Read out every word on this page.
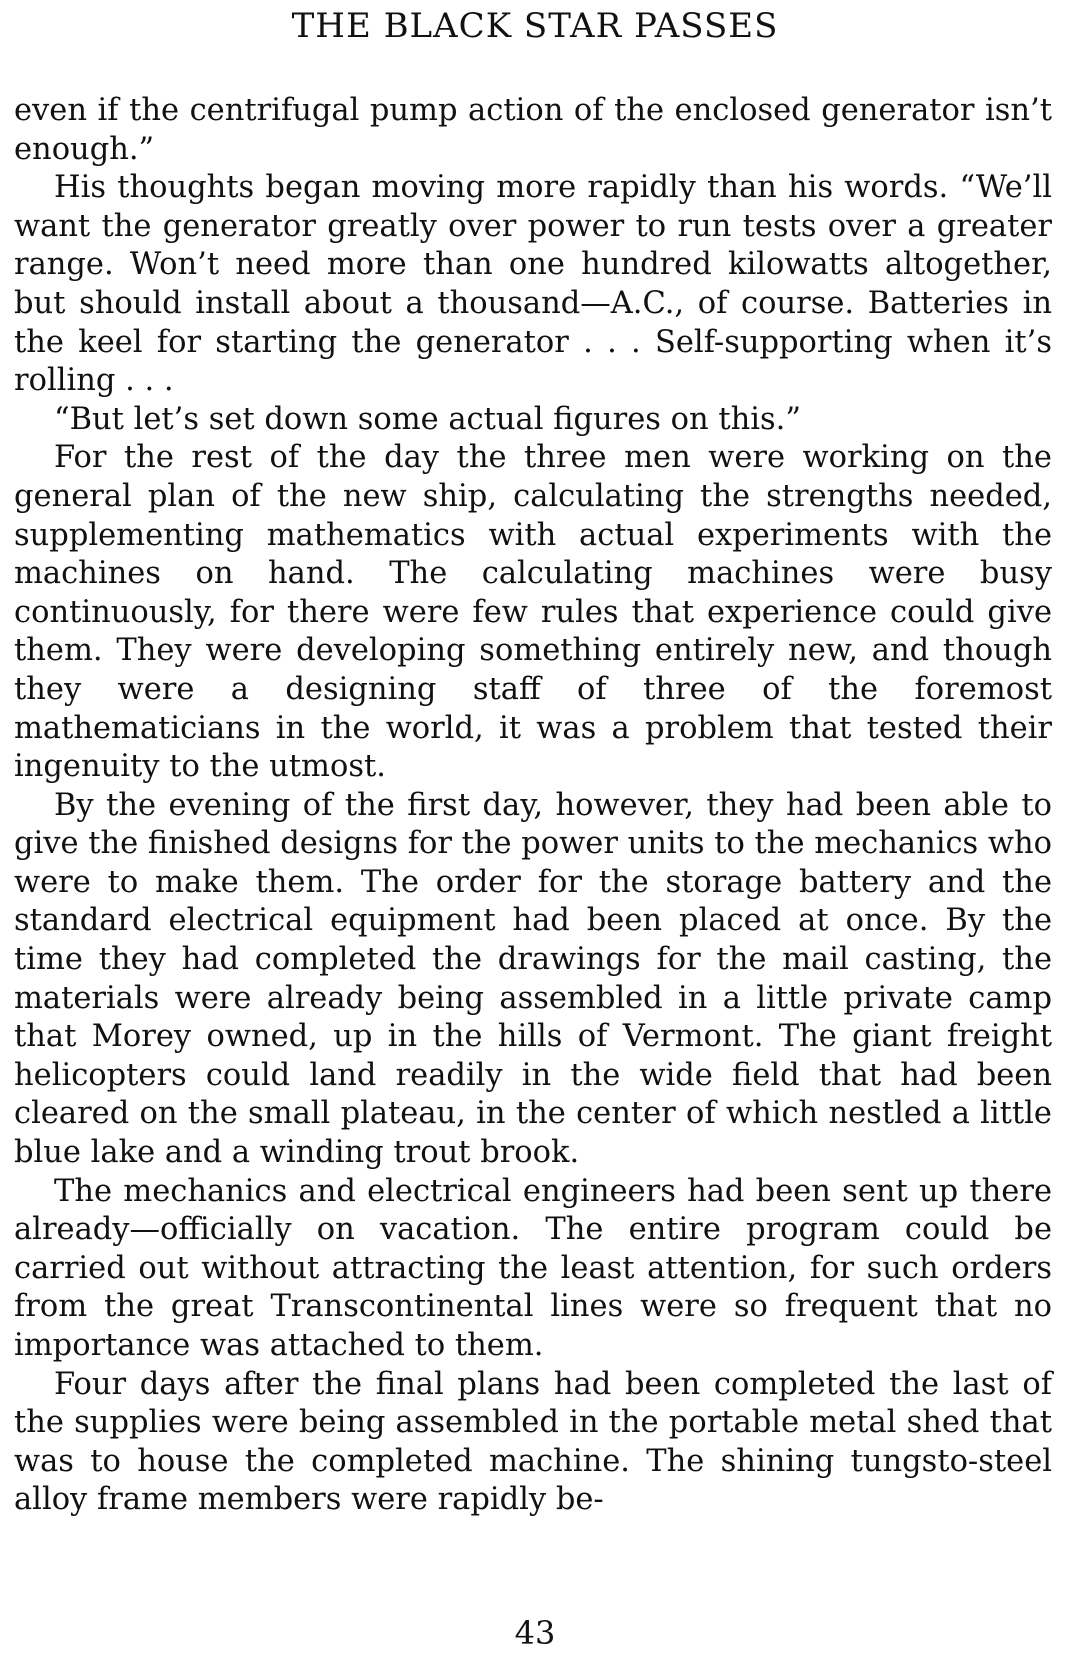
THE BLACK STAR PASSES

even if the centrifugal pump action of the enclosed generator isn’t enough.”

His thoughts began moving more rapidly than his words. “We’ll want the generator greatly over power to run tests over a greater range. Won’t need more than one hundred kilowatts altogether, but should install about a thousand—A.C., of course. Batteries in the keel for starting the generator . . . Self-supporting when it’s rolling . . .

“But let’s set down some actual figures on this.”

For the rest of the day the three men were working on the general plan of the new ship, calculating the strengths needed, supplementing mathematics with actual experiments with the machines on hand. The calculating machines were busy continuously, for there were few rules that experience could give them. They were developing something entirely new, and though they were a designing staff of three of the foremost mathematicians in the world, it was a problem that tested their ingenuity to the utmost.

By the evening of the first day, however, they had been able to give the finished designs for the power units to the mechanics who were to make them. The order for the storage battery and the standard electrical equipment had been placed at once. By the time they had completed the drawings for the mail casting, the materials were already being assembled in a little private camp that Morey owned, up in the hills of Vermont. The giant freight helicopters could land readily in the wide field that had been cleared on the small plateau, in the center of which nestled a little blue lake and a winding trout brook.

The mechanics and electrical engineers had been sent up there already—officially on vacation. The entire program could be carried out without attracting the least attention, for such orders from the great Transcontinental lines were so frequent that no importance was attached to them.

Four days after the final plans had been completed the last of the supplies were being assembled in the portable metal shed that was to house the completed machine. The shining tungsto-steel alloy frame members were rapidly be-

43
